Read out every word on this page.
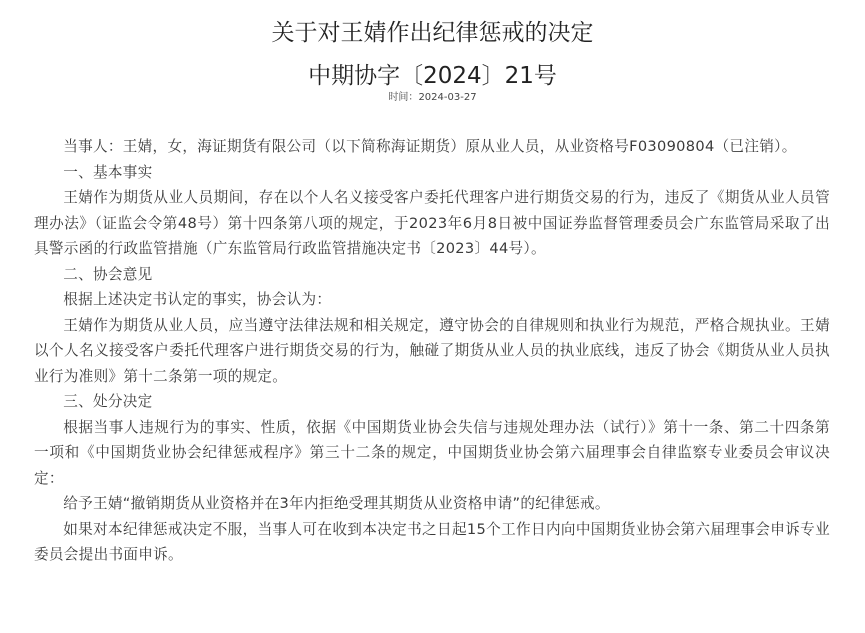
关于对王婧作出纪律惩戒的决定
中期协字〔2024〕21号
时间：2024-03-27

当事人：王婧，女，海证期货有限公司（以下简称海证期货）原从业人员，从业资格号F03090804（已注销）。

一、基本事实

王婧作为期货从业人员期间，存在以个人名义接受客户委托代理客户进行期货交易的行为，违反了《期货从业人员管理办法》（证监会令第48号）第十四条第八项的规定，于2023年6月8日被中国证券监督管理委员会广东监管局采取了出具警示函的行政监管措施（广东监管局行政监管措施决定书〔2023〕44号）。

二、协会意见

根据上述决定书认定的事实，协会认为：

王婧作为期货从业人员，应当遵守法律法规和相关规定，遵守协会的自律规则和执业行为规范，严格合规执业。王婧以个人名义接受客户委托代理客户进行期货交易的行为，触碰了期货从业人员的执业底线，违反了协会《期货从业人员执业行为准则》第十二条第一项的规定。

三、处分决定

根据当事人违规行为的事实、性质，依据《中国期货业协会失信与违规处理办法（试行）》第十一条、第二十四条第一项和《中国期货业协会纪律惩戒程序》第三十二条的规定，中国期货业协会第六届理事会自律监察专业委员会审议决定：

给予王婧“撤销期货从业资格并在3年内拒绝受理其期货从业资格申请”的纪律惩戒。

如果对本纪律惩戒决定不服，当事人可在收到本决定书之日起15个工作日内向中国期货业协会第六届理事会申诉专业委员会提出书面申诉。
